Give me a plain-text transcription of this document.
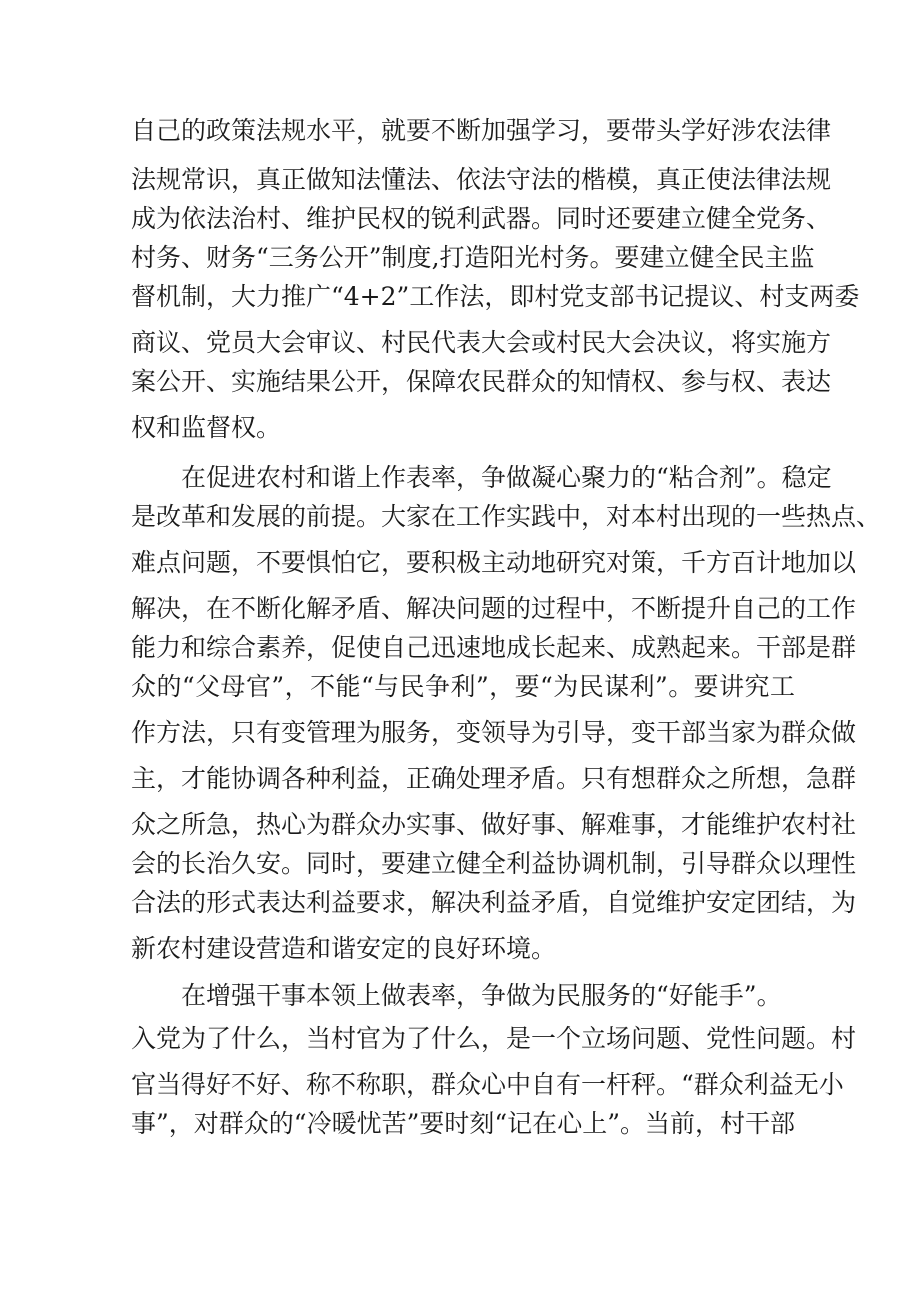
自己的政策法规水平，就要不断加强学习，要带头学好涉农法律
法规常识，真正做知法懂法、依法守法的楷模，真正使法律法规
成为依法治村、维护民权的锐利武器。同时还要建立健全党务、
村务、财务“三务公开”制度,打造阳光村务。要建立健全民主监
督机制，大力推广“4+2”工作法，即村党支部书记提议、村支两委
商议、党员大会审议、村民代表大会或村民大会决议，将实施方
案公开、实施结果公开，保障农民群众的知情权、参与权、表达
权和监督权。
在促进农村和谐上作表率，争做凝心聚力的“粘合剂”。稳定
是改革和发展的前提。大家在工作实践中，对本村出现的一些热点、
难点问题，不要惧怕它，要积极主动地研究对策，千方百计地加以
解决，在不断化解矛盾、解决问题的过程中，不断提升自己的工作
能力和综合素养，促使自己迅速地成长起来、成熟起来。干部是群
众的“父母官”，不能“与民争利”，要“为民谋利”。要讲究工
作方法，只有变管理为服务，变领导为引导，变干部当家为群众做
主，才能协调各种利益，正确处理矛盾。只有想群众之所想，急群
众之所急，热心为群众办实事、做好事、解难事，才能维护农村社
会的长治久安。同时，要建立健全利益协调机制，引导群众以理性
合法的形式表达利益要求，解决利益矛盾，自觉维护安定团结，为
新农村建设营造和谐安定的良好环境。
在增强干事本领上做表率，争做为民服务的“好能手”。
入党为了什么，当村官为了什么，是一个立场问题、党性问题。村
官当得好不好、称不称职，群众心中自有一杆秤。“群众利益无小
事”，对群众的“冷暖忧苦”要时刻“记在心上”。当前，村干部
